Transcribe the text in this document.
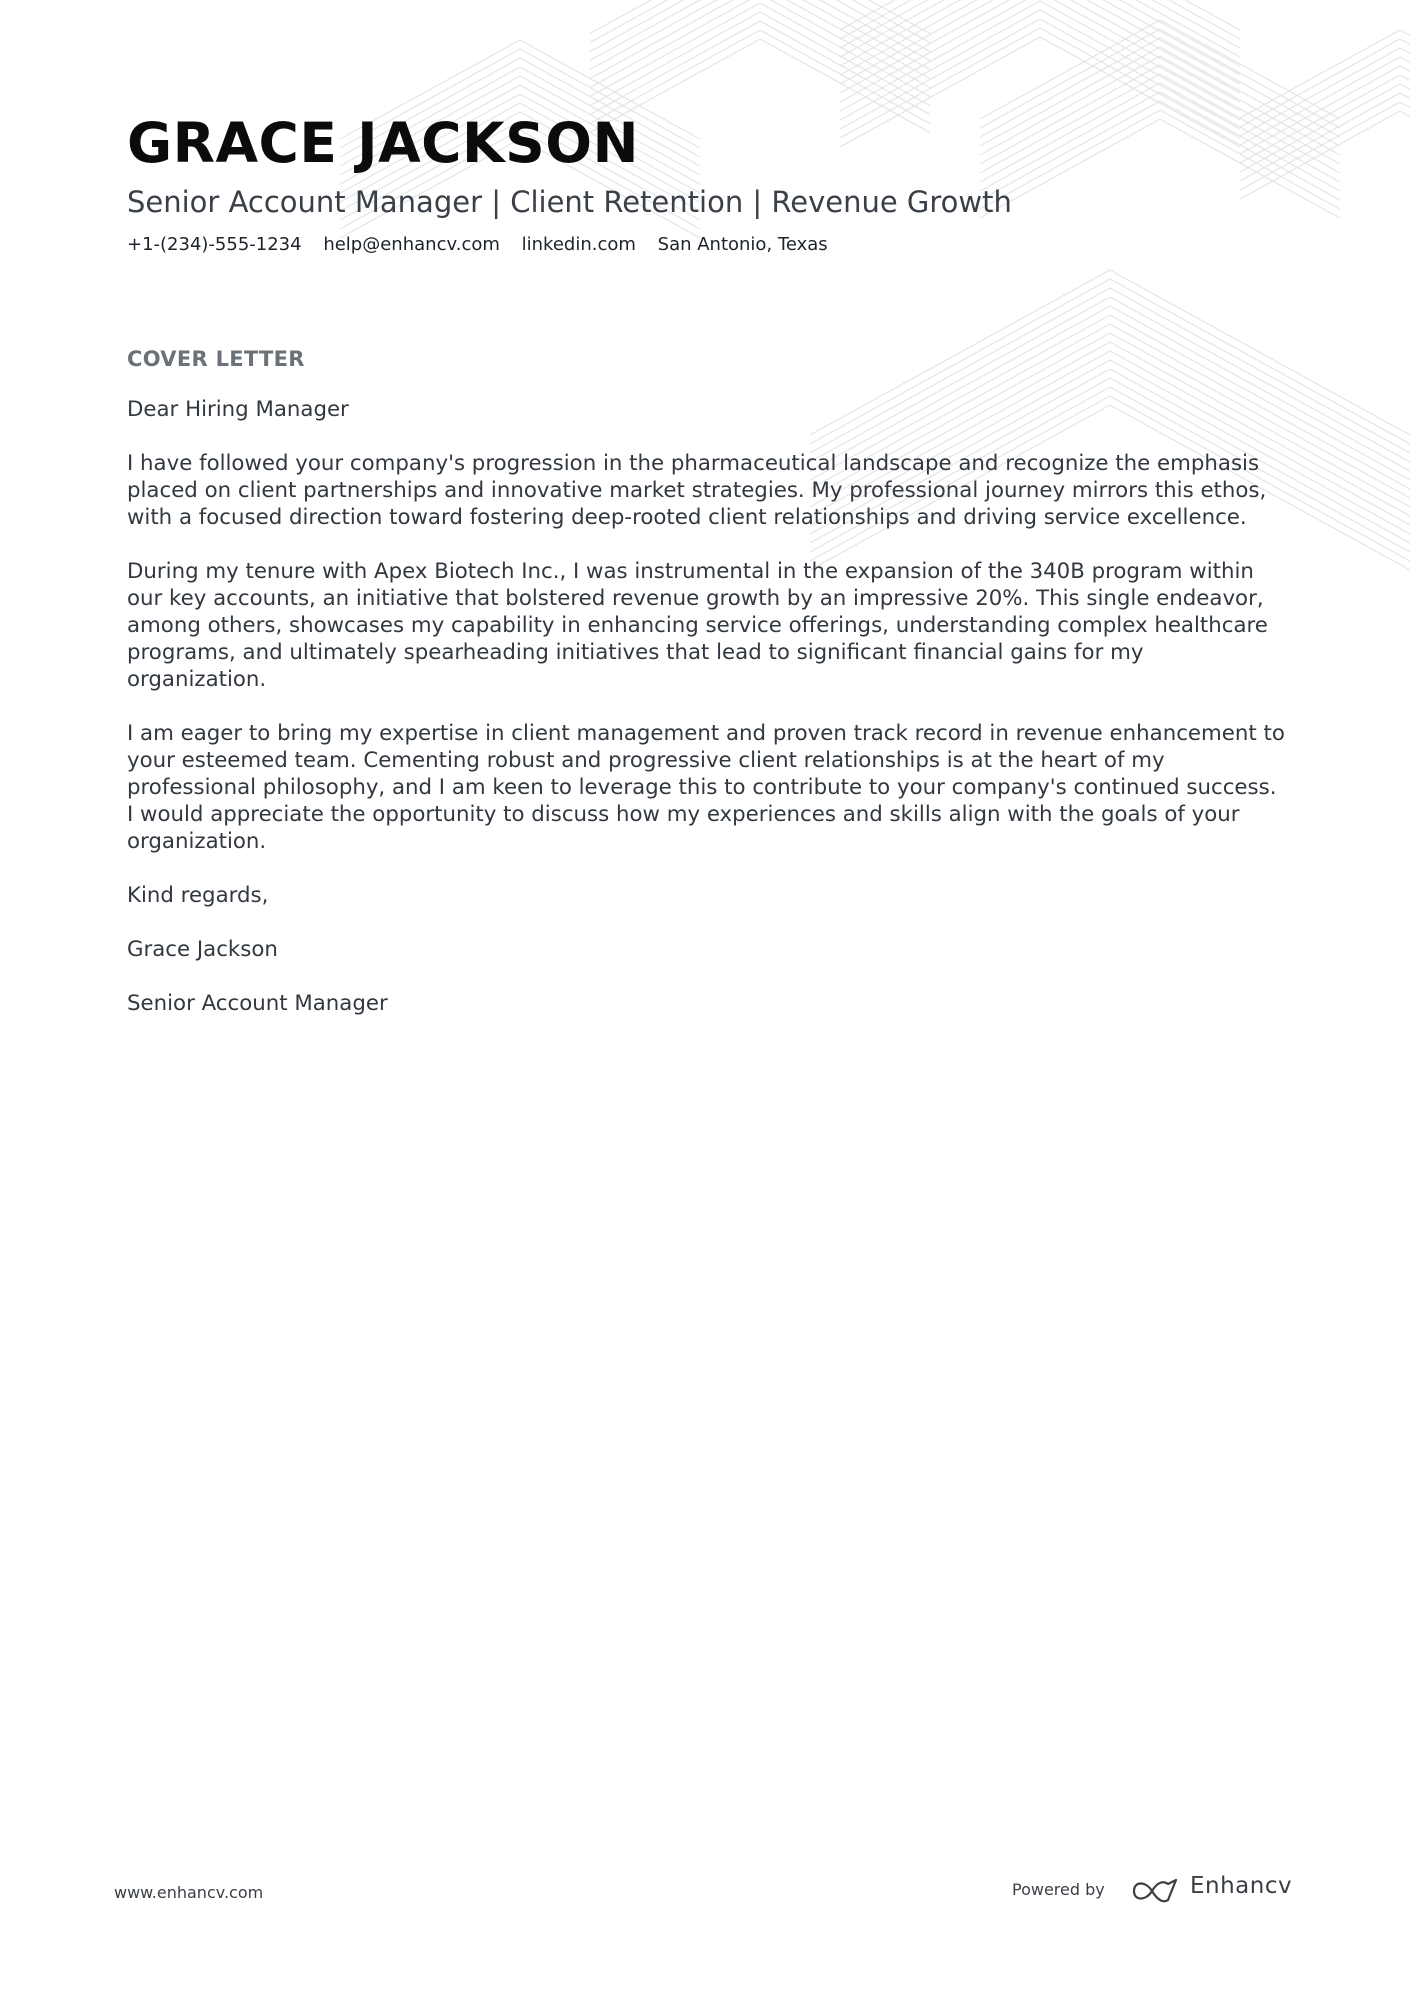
GRACE JACKSON
Senior Account Manager | Client Retention | Revenue Growth
+1-(234)-555-1234 help@enhancv.com linkedin.com San Antonio, Texas
COVER LETTER

Dear Hiring Manager

I have followed your company's progression in the pharmaceutical landscape and recognize the emphasis placed on client partnerships and innovative market strategies. My professional journey mirrors this ethos, with a focused direction toward fostering deep-rooted client relationships and driving service excellence.

During my tenure with Apex Biotech Inc., I was instrumental in the expansion of the 340B program within our key accounts, an initiative that bolstered revenue growth by an impressive 20%. This single endeavor, among others, showcases my capability in enhancing service offerings, understanding complex healthcare programs, and ultimately spearheading initiatives that lead to significant financial gains for my organization.

I am eager to bring my expertise in client management and proven track record in revenue enhancement to your esteemed team. Cementing robust and progressive client relationships is at the heart of my professional philosophy, and I am keen to leverage this to contribute to your company's continued success. I would appreciate the opportunity to discuss how my experiences and skills align with the goals of your organization.

Kind regards,

Grace Jackson

Senior Account Manager

www.enhancv.com	Powered by	Enhancv
